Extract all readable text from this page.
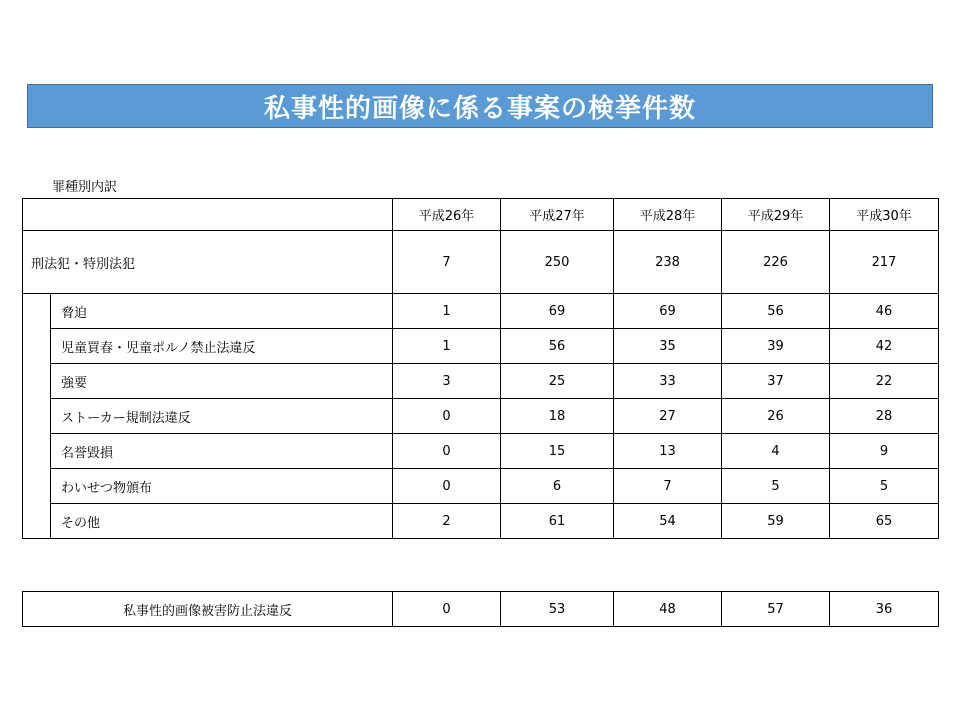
私事性的画像に係る事案の検挙件数
罪種別内訳
		平成26年	平成27年	平成28年	平成29年	平成30年
刑法犯・特別法犯		7	250	238	226	217
	脅迫	1	69	69	56	46
	児童買春・児童ポルノ禁止法違反	1	56	35	39	42
	強要	3	25	33	37	22
	ストーカー規制法違反	0	18	27	26	28
	名誉毀損	0	15	13	4	9
	わいせつ物頒布	0	6	7	5	5
	その他	2	61	54	59	65
私事性的画像被害防止法違反	0	53	48	57	36
